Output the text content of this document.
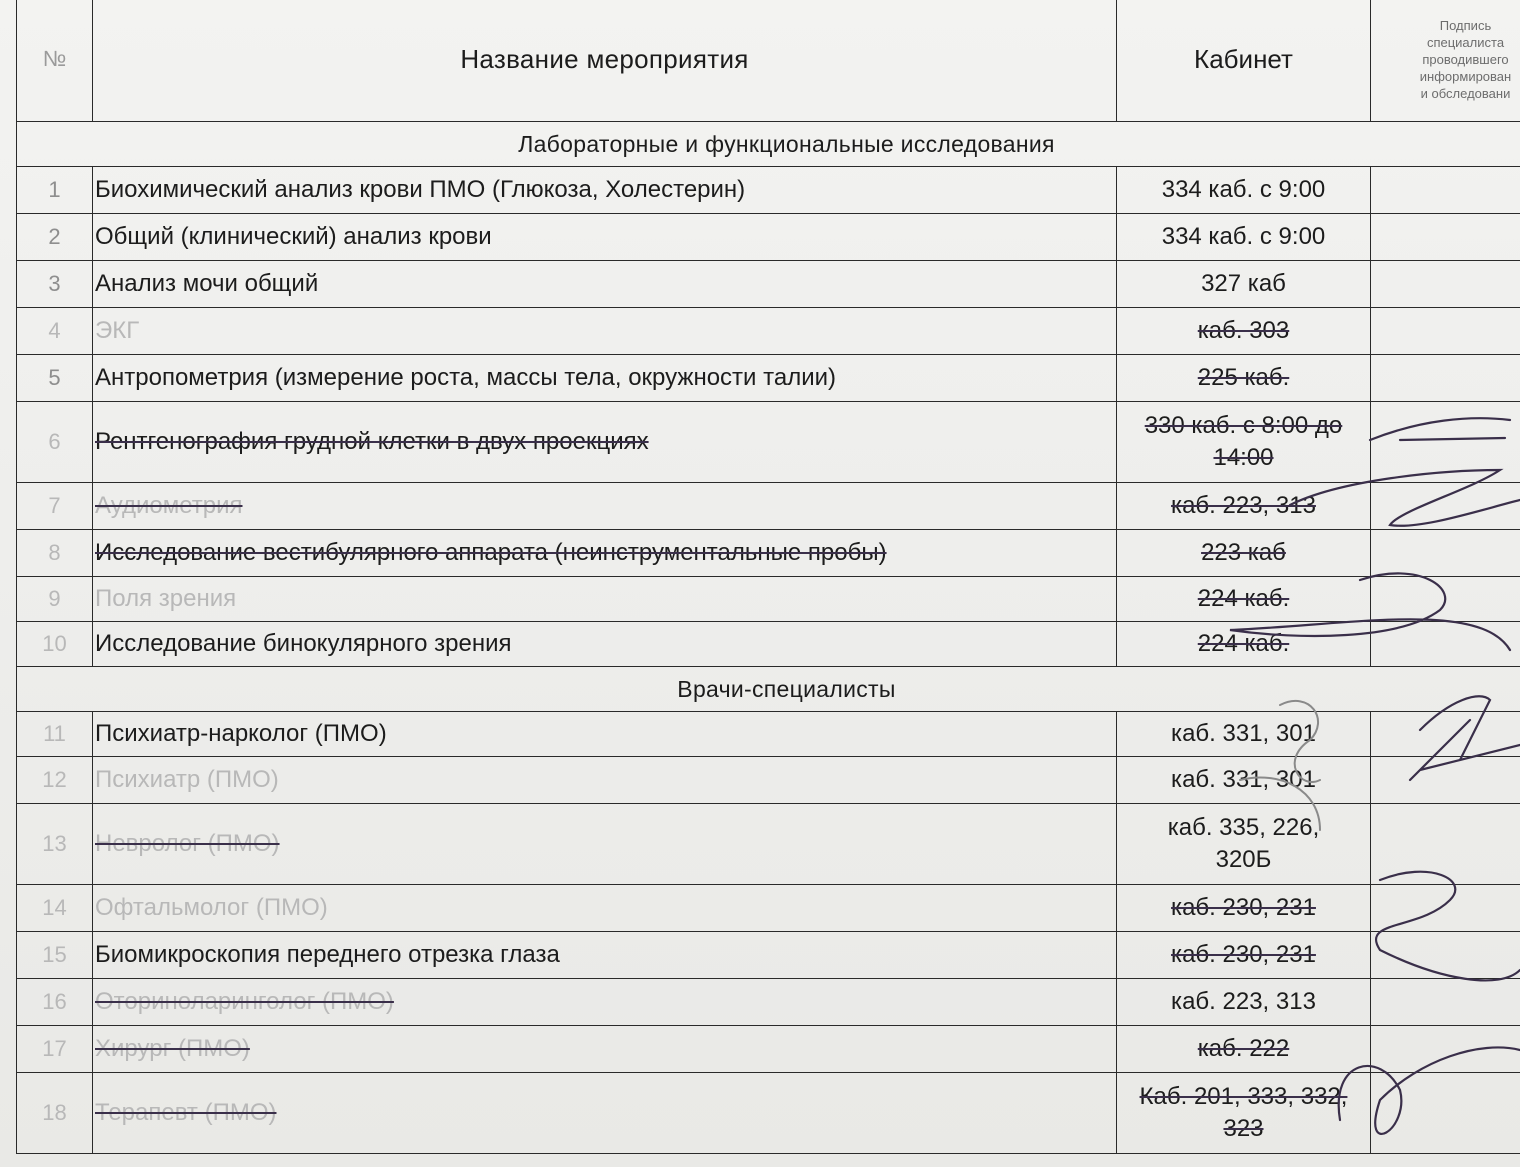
№	Название мероприятия	Кабинет	Подпись
специалиста
проводившего
информирован
и обследовани

Лабораторные и функциональные исследования			
1	Биохимический анализ крови ПМО (Глюкоза, Холестерин)	334 каб. с 9:00	
2	Общий (клинический) анализ крови	334 каб. с 9:00	
3	Анализ мочи общий	327 каб	
4	ЭКГ	каб. 303	
5	Антропометрия (измерение роста, массы тела, окружности талии)	225 каб.	
6	Рентгенография грудной клетки в двух проекциях	330 каб. с 8:00 до
14:00	

7	Аудиометрия	каб. 223, 313	
8	Исследование вестибулярного аппарата (неинструментальные пробы)	223 каб	
9	Поля зрения	224 каб.	
10	Исследование бинокулярного зрения	224 каб.	
Врачи-специалисты			
11	Психиатр-нарколог (ПМО)	каб. 331, 301	
12	Психиатр (ПМО)	каб. 331, 301	
13	Невролог (ПМО)	каб. 335, 226,
320Б	

14	Офтальмолог (ПМО)	каб. 230, 231	
15	Биомикроскопия переднего отрезка глаза	каб. 230, 231	
16	Оториноларинголог (ПМО)	каб. 223, 313	
17	Хирург (ПМО)	каб. 222	
18	Терапевт (ПМО)	Каб. 201, 333, 332,
323	
